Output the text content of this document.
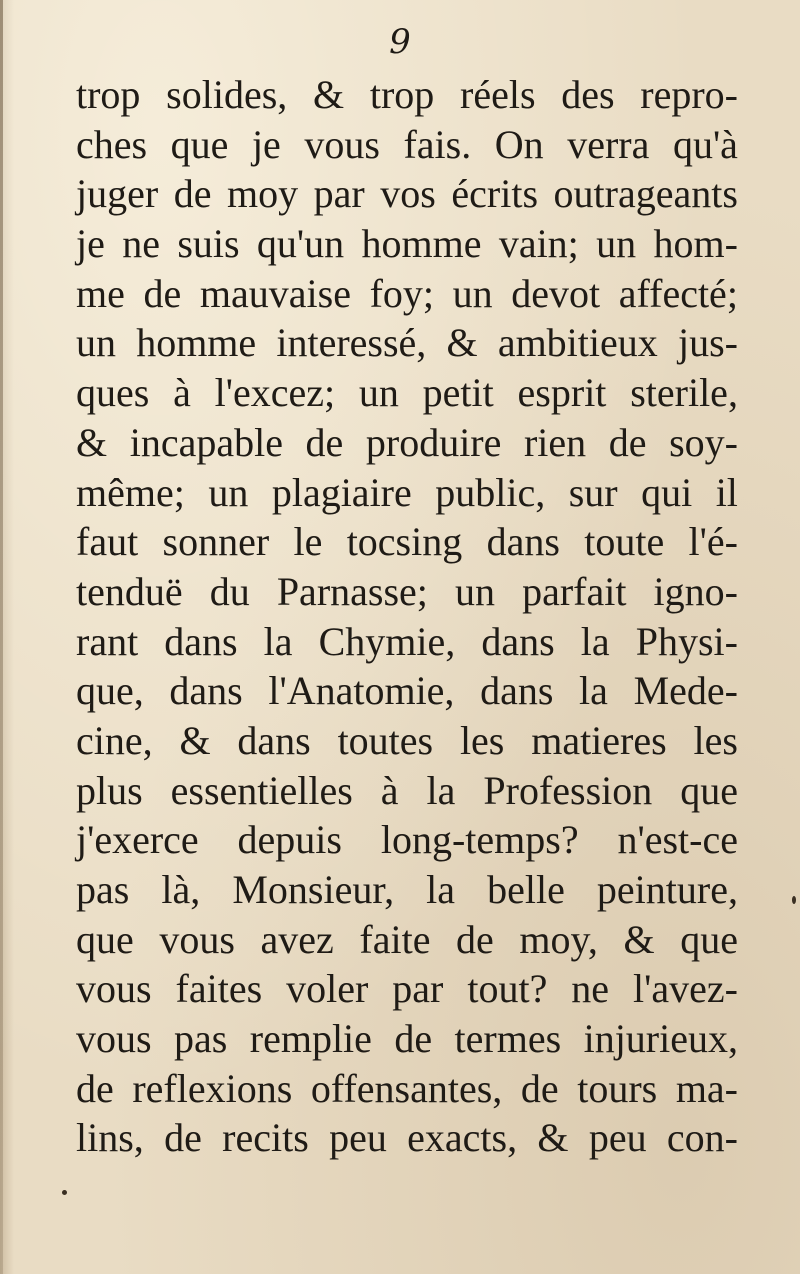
9
trop solides, & trop réels des repro-
ches que je vous fais. On verra qu'à
juger de moy par vos écrits outrageants
je ne suis qu'un homme vain; un hom-
me de mauvaise foy; un devot affecté;
un homme interessé, & ambitieux jus-
ques à l'excez; un petit esprit sterile,
& incapable de produire rien de soy-
même; un plagiaire public, sur qui il
faut sonner le tocsing dans toute l'é-
tenduë du Parnasse; un parfait igno-
rant dans la Chymie, dans la Physi-
que, dans l'Anatomie, dans la Mede-
cine, & dans toutes les matieres les
plus essentielles à la Profession que
j'exerce depuis long-temps? n'est-ce
pas là, Monsieur, la belle peinture,
que vous avez faite de moy, & que
vous faites voler par tout? ne l'avez-
vous pas remplie de termes injurieux,
de reflexions offensantes, de tours ma-
lins, de recits peu exacts, & peu con-
